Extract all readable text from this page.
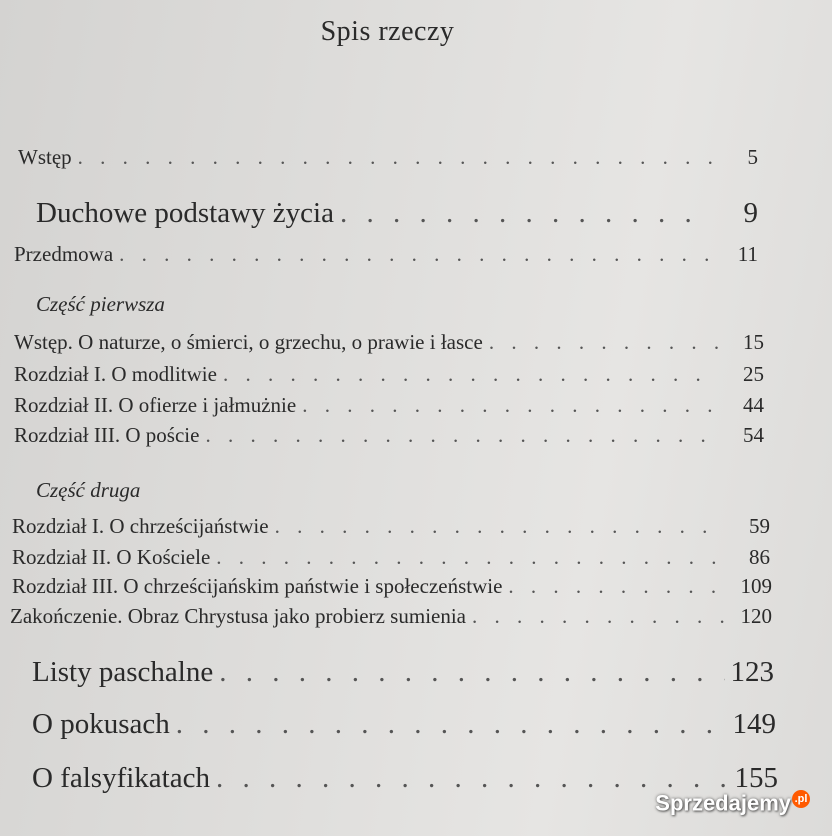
Spis rzeczy
Wstęp . . .	5
Duchowe podstawy życia . . .	9
Przedmowa . . .	11
Część pierwsza
Wstęp. O naturze, o śmierci, o grzechu, o prawie i łasce . . .	15
Rozdział I. O modlitwie . . .	25
Rozdział II. O ofierze i jałmużnie . . .	44
Rozdział III. O poście . . .	54
Część druga
Rozdział I. O chrześcijaństwie . . .	59
Rozdział II. O Kościele . . .	86
Rozdział III. O chrześcijańskim państwie i społeczeństwie . . .	109
Zakończenie. Obraz Chrystusa jako probierz sumienia . . .	120
Listy paschalne . . .	123
O pokusach . . .	149
O falsyfikatach . . .	155
Sprzedajemy .pl
